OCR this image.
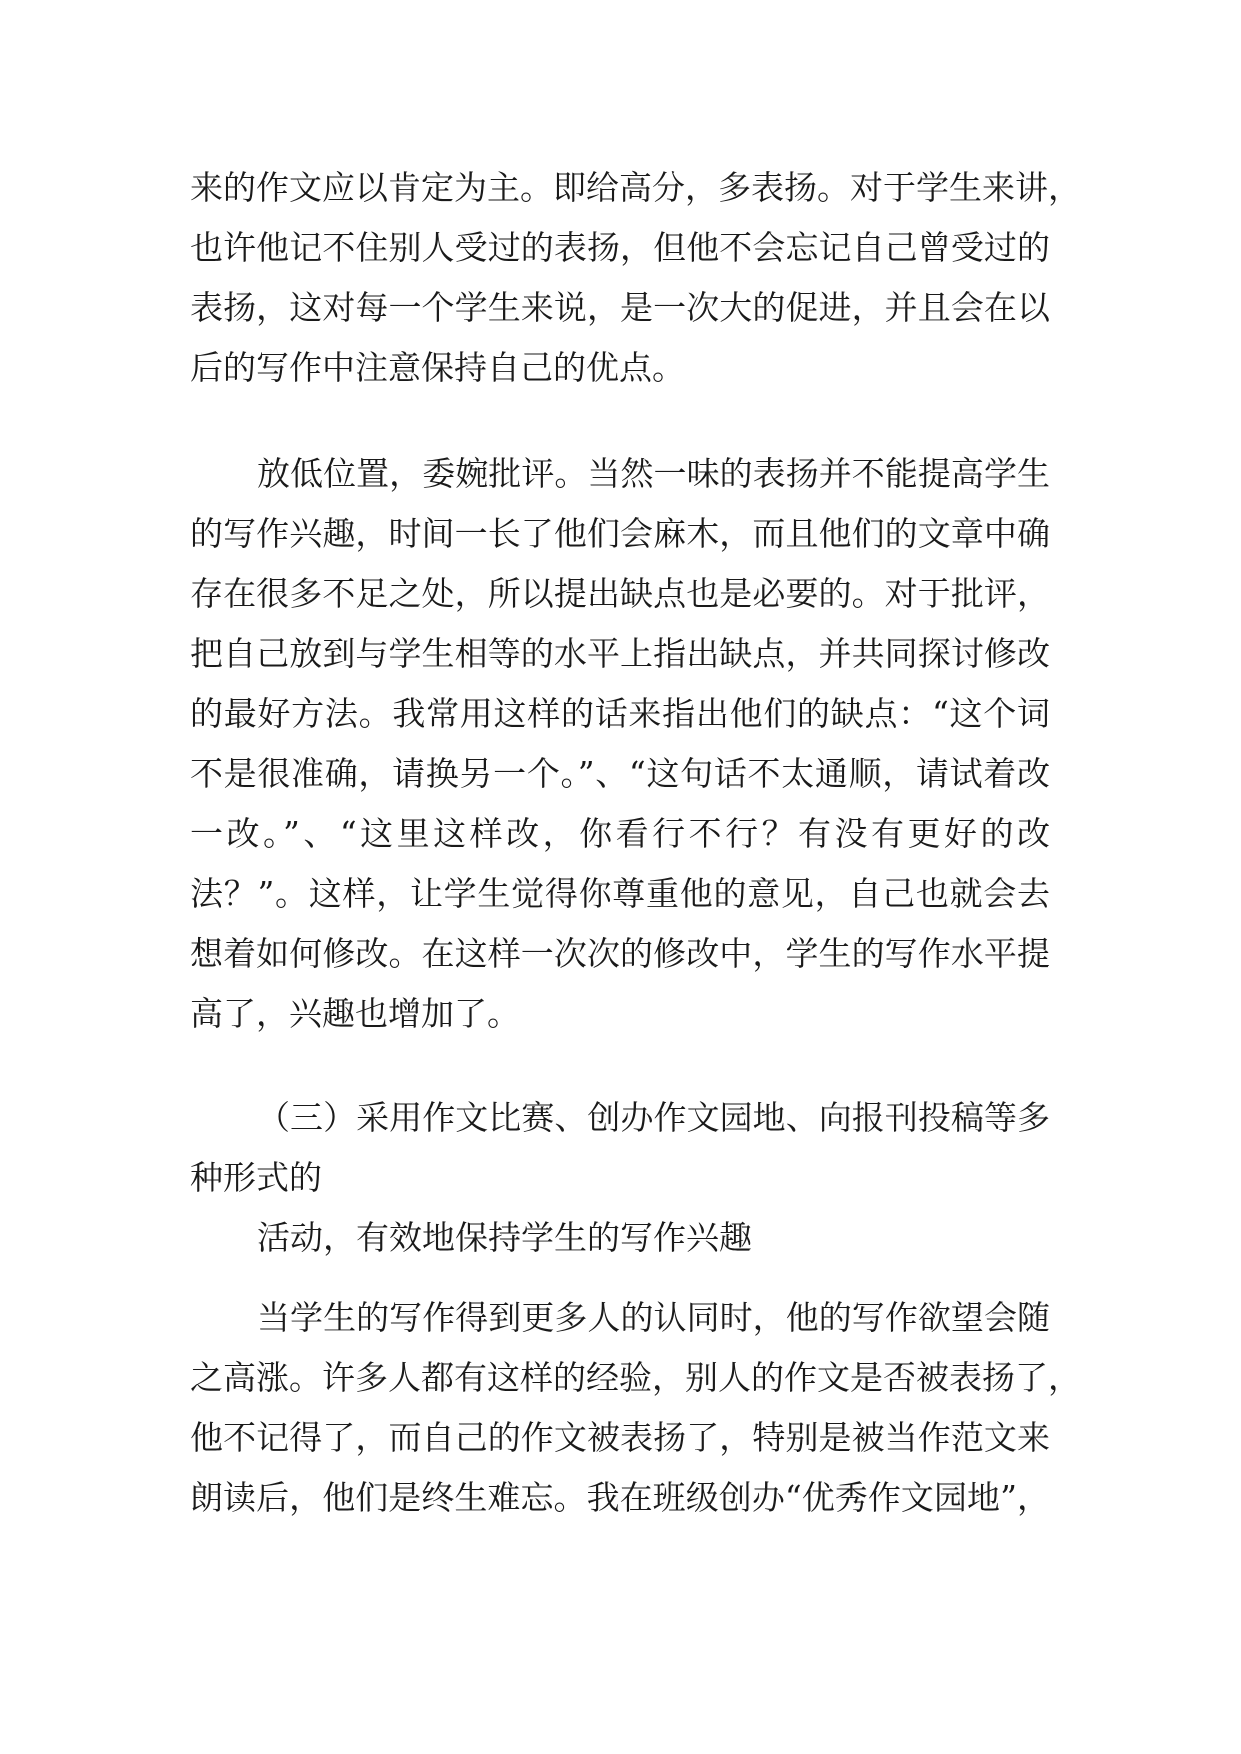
来的作文应以肯定为主。即给高分，多表扬。对于学生来讲，
也许他记不住别人受过的表扬，但他不会忘记自己曾受过的
表扬，这对每一个学生来说，是一次大的促进，并且会在以
后的写作中注意保持自己的优点。
放低位置，委婉批评。当然一味的表扬并不能提高学生
的写作兴趣，时间一长了他们会麻木，而且他们的文章中确
存在很多不足之处，所以提出缺点也是必要的。对于批评，
把自己放到与学生相等的水平上指出缺点，并共同探讨修改
的最好方法。我常用这样的话来指出他们的缺点：“这个词
不是很准确，请换另一个。”、“这句话不太通顺，请试着改
一改。”、“这里这样改，你看行不行？有没有更好的改
法？”。这样，让学生觉得你尊重他的意见，自己也就会去
想着如何修改。在这样一次次的修改中，学生的写作水平提
高了，兴趣也增加了。
（三）采用作文比赛、创办作文园地、向报刊投稿等多
种形式的
活动，有效地保持学生的写作兴趣
当学生的写作得到更多人的认同时，他的写作欲望会随
之高涨。许多人都有这样的经验，别人的作文是否被表扬了，
他不记得了，而自己的作文被表扬了，特别是被当作范文来
朗读后，他们是终生难忘。我在班级创办“优秀作文园地”，
